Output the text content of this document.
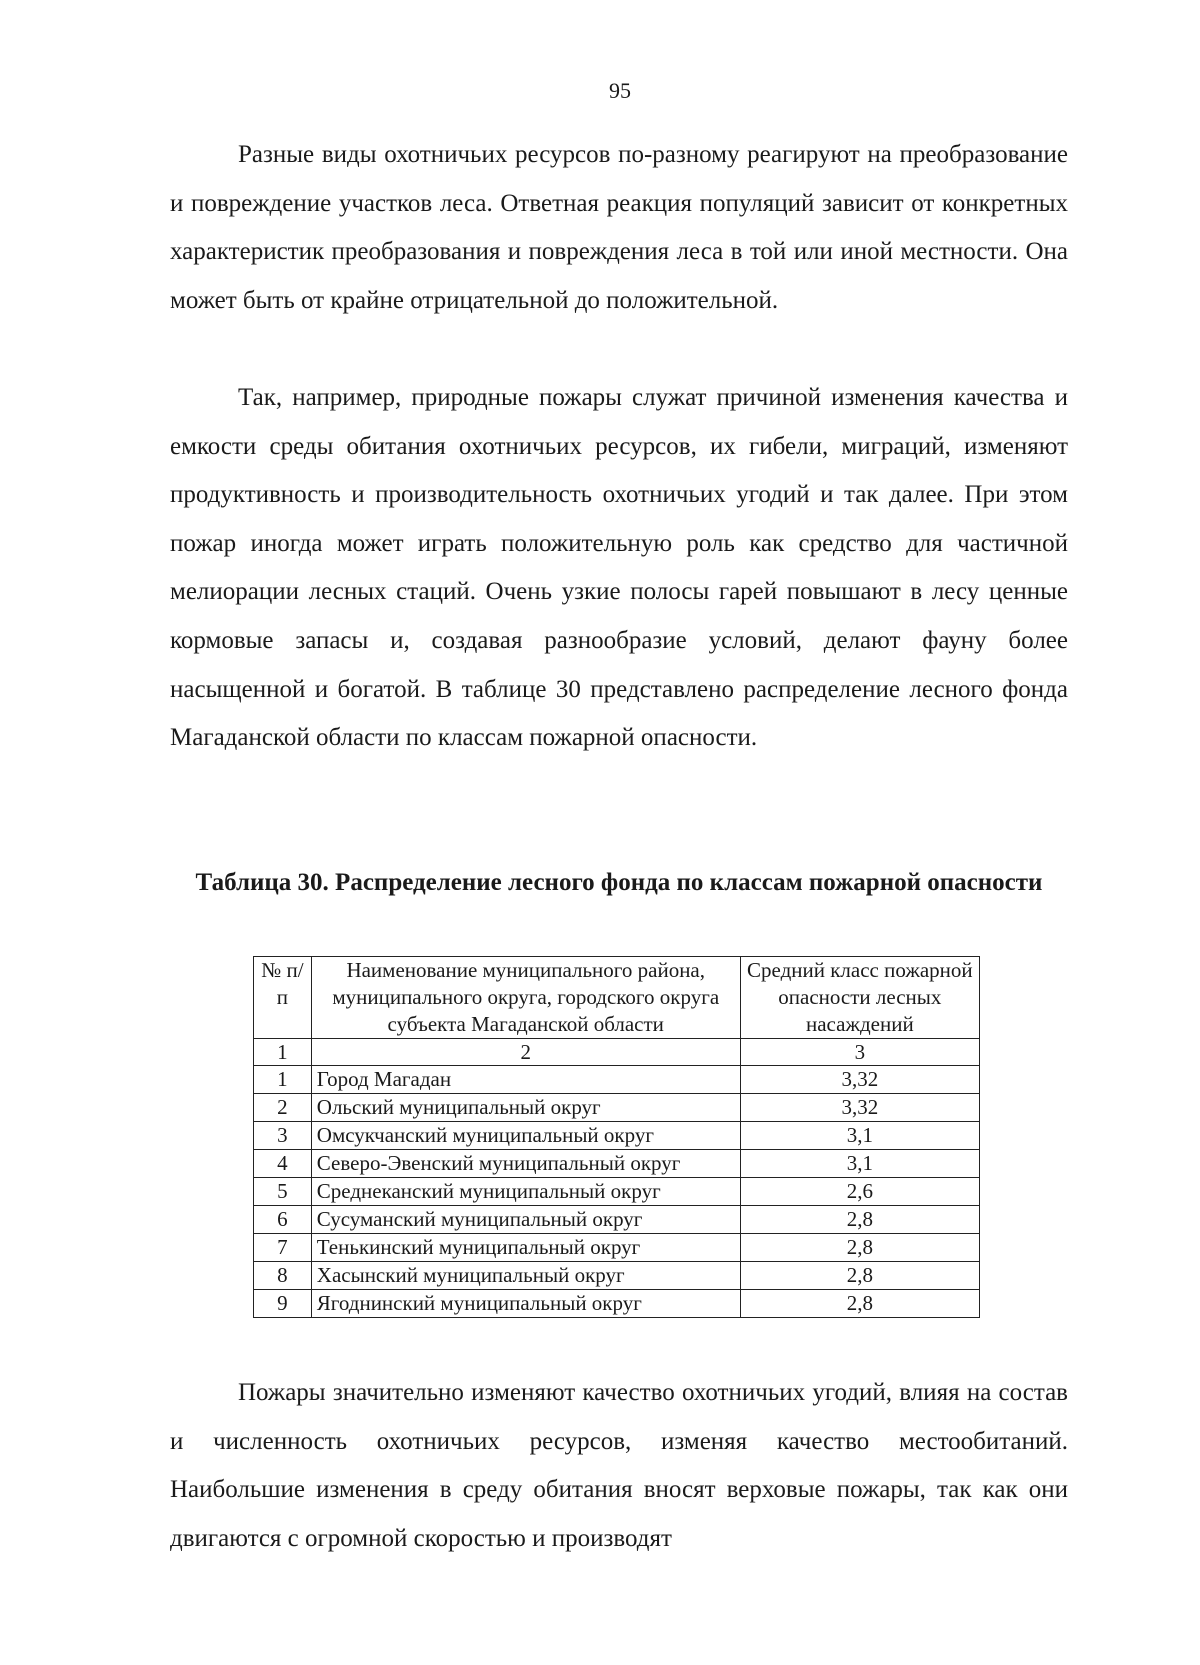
95

Разные виды охотничьих ресурсов по-разному реагируют на преобразование и повреждение участков леса. Ответная реакция популяций зависит от конкретных характеристик преобразования и повреждения леса в той или иной местности. Она может быть от крайне отрицательной до положительной.

Так, например, природные пожары служат причиной изменения качества и емкости среды обитания охотничьих ресурсов, их гибели, миграций, изменяют продуктивность и производительность охотничьих угодий и так далее. При этом пожар иногда может играть положительную роль как средство для частичной мелиорации лесных стаций. Очень узкие полосы гарей повышают в лесу ценные кормовые запасы и, создавая разнообразие условий, делают фауну более насыщенной и богатой. В таблице 30 представлено распределение лесного фонда Магаданской области по классам пожарной опасности.

Таблица 30. Распределение лесного фонда по классам пожарной опасности
№ п/п	Наименование муниципального района, муниципального округа, городского округа субъекта Магаданской области	Средний класс пожарной опасности лесных насаждений
1	2	3
1	Город Магадан	3,32
2	Ольский муниципальный округ	3,32
3	Омсукчанский муниципальный округ	3,1
4	Северо-Эвенский муниципальный округ	3,1
5	Среднеканский муниципальный округ	2,6
6	Сусуманский муниципальный округ	2,8
7	Тенькинский муниципальный округ	2,8
8	Хасынский муниципальный округ	2,8
9	Ягоднинский муниципальный округ	2,8

Пожары значительно изменяют качество охотничьих угодий, влияя на состав и численность охотничьих ресурсов, изменяя качество местообитаний. Наибольшие изменения в среду обитания вносят верховые пожары, так как они двигаются с огромной скоростью и производят
